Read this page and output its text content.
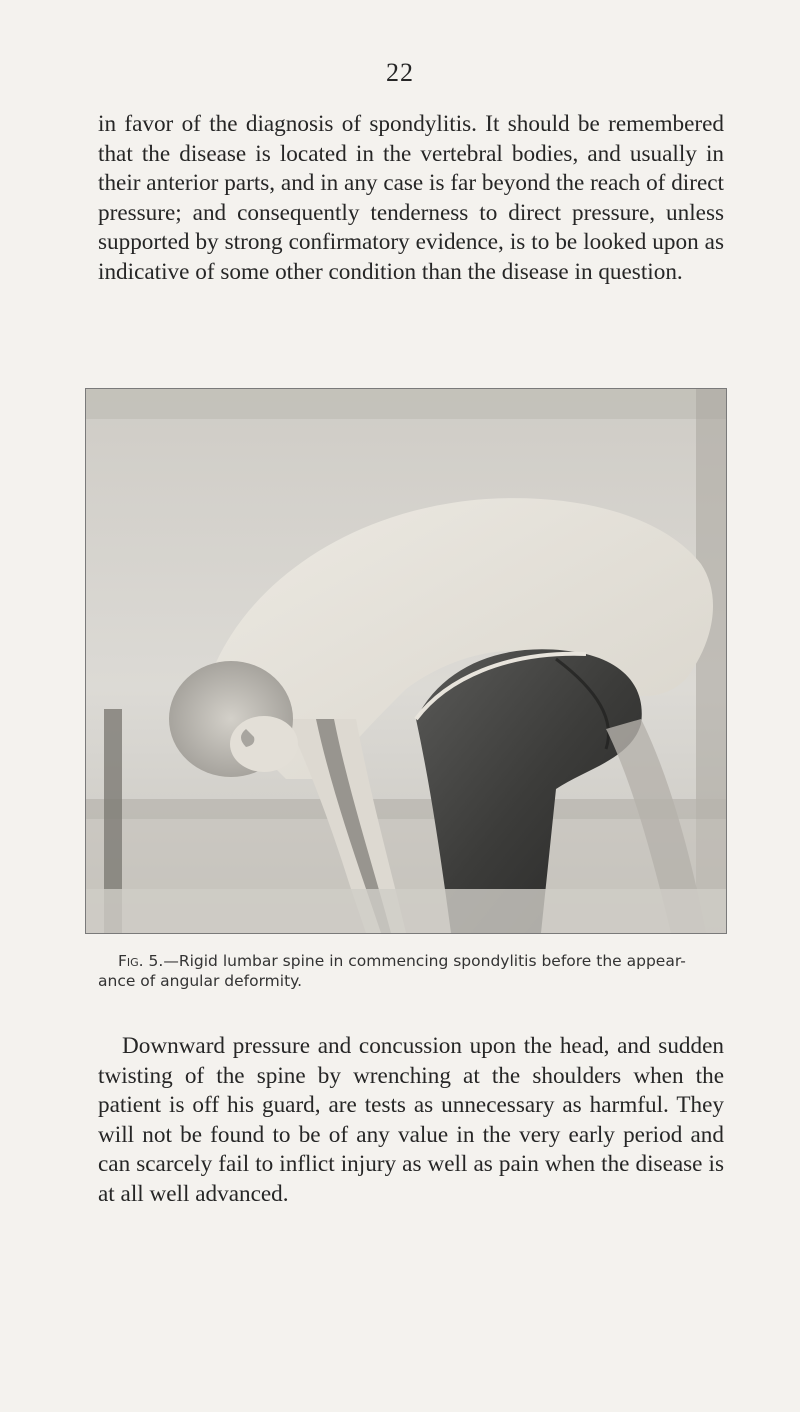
22

in favor of the diagnosis of spondylitis. It should be remembered that the disease is located in the vertebral bodies, and usually in their anterior parts, and in any case is far beyond the reach of direct pressure; and consequently tenderness to direct pressure, unless supported by strong confirmatory evidence, is to be looked upon as indicative of some other condition than the disease in question.

Fig. 5.—Rigid lumbar spine in commencing spondylitis before the appear-
ance of angular deformity.

Downward pressure and concussion upon the head, and sudden twisting of the spine by wrenching at the shoulders when the patient is off his guard, are tests as unnecessary as harmful. They will not be found to be of any value in the very early period and can scarcely fail to inflict injury as well as pain when the disease is at all well advanced.
